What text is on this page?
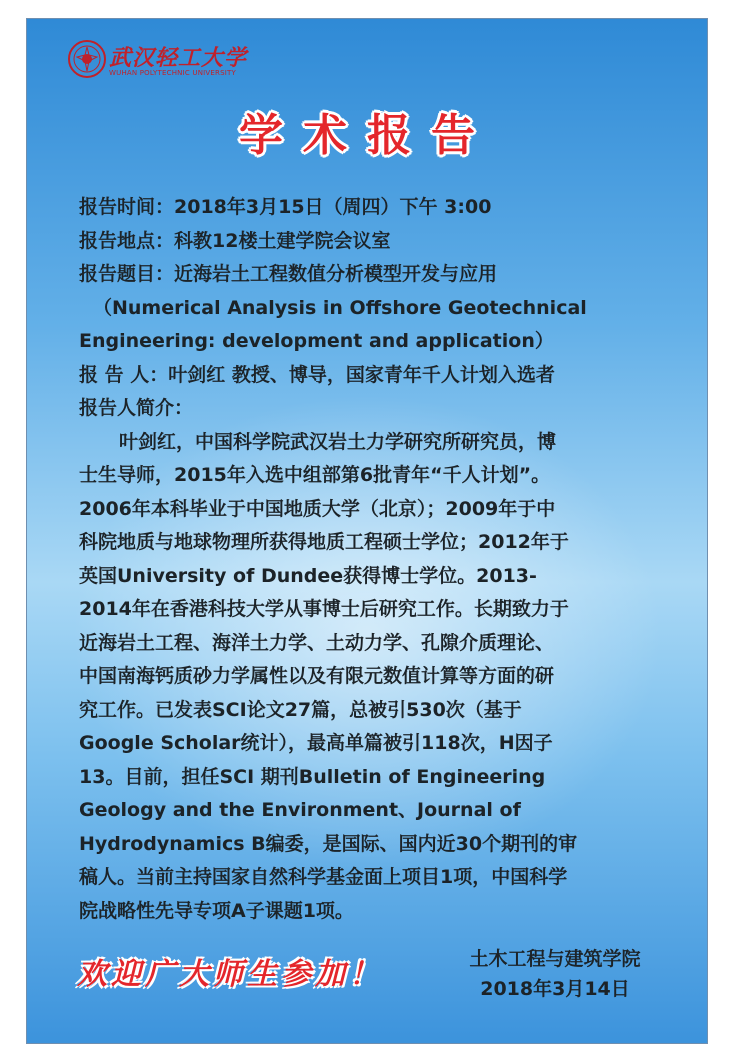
武汉轻工大学
WUHAN POLYTECHNIC UNIVERSITY
学术报告
报告时间：2018年3月15日（周四）下午 3:00
报告地点：科教12楼土建学院会议室
报告题目：近海岩土工程数值分析模型开发与应用
（Numerical Analysis in Offshore Geotechnical
Engineering: development and application）
报 告 人：叶剑红 教授、博导，国家青年千人计划入选者
报告人简介：
叶剑红，中国科学院武汉岩土力学研究所研究员，博
士生导师，2015年入选中组部第6批青年“千人计划”。
2006年本科毕业于中国地质大学（北京）；2009年于中
科院地质与地球物理所获得地质工程硕士学位；2012年于
英国University of Dundee获得博士学位。2013-
2014年在香港科技大学从事博士后研究工作。长期致力于
近海岩土工程、海洋土力学、土动力学、孔隙介质理论、
中国南海钙质砂力学属性以及有限元数值计算等方面的研
究工作。已发表SCI论文27篇，总被引530次（基于
Google Scholar统计），最高单篇被引118次，H因子
13。目前，担任SCI 期刊Bulletin of Engineering
Geology and the Environment、Journal of
Hydrodynamics B编委，是国际、国内近30个期刊的审
稿人。当前主持国家自然科学基金面上项目1项，中国科学
院战略性先导专项A子课题1项。
欢迎广大师生参加！	土木工程与建筑学院
2018年3月14日
